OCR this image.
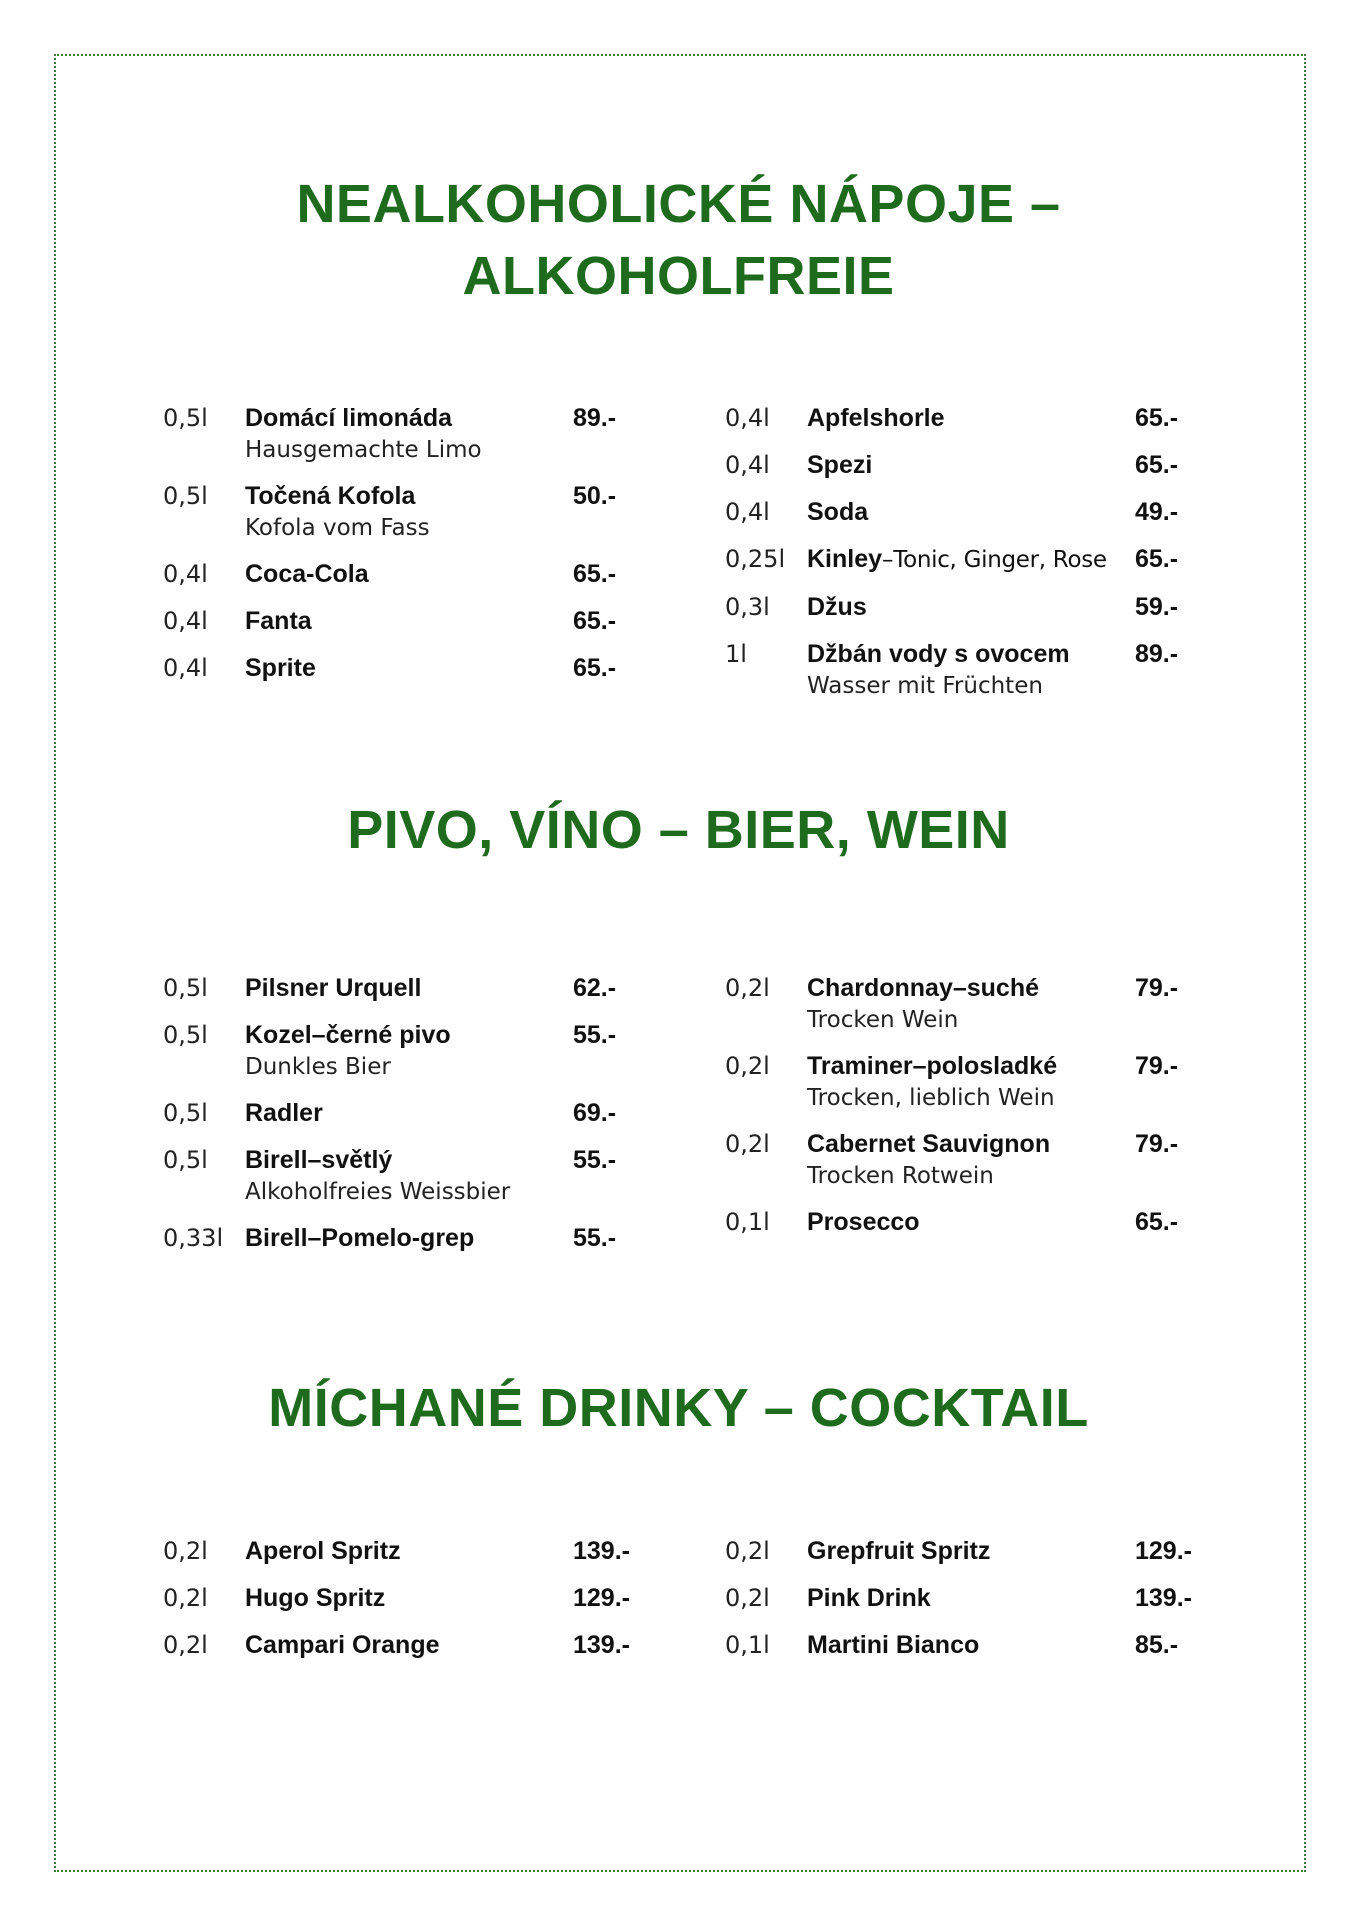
NEALKOHOLICKÉ NÁPOJE –
ALKOHOLFREIE
0,5l	Domácí limonáda
Hausgemachte Limo
89.-
0,5l	Točená Kofola
Kofola vom Fass
50.-
0,4l	Coca-Cola	65.-
0,4l	Fanta	65.-
0,4l	Sprite	65.-
0,4l	Apfelshorle	65.-
0,4l	Spezi	65.-
0,4l	Soda	49.-
0,25l Kinley–Tonic, Ginger, Rose	65.-
0,3l	Džus	59.-
1l	Džbán vody s ovocem
Wasser mit Früchten
89.-
PIVO, VÍNO – BIER, WEIN
0,5l	Pilsner Urquell	62.-
0,5l	Kozel–černé pivo
Dunkles Bier
55.-
0,5l	Radler	69.-
0,5l	Birell–světlý
Alkoholfreies Weissbier
55.-
0,33l Birell–Pomelo-grep	55.-
0,2l	Chardonnay–suché
Trocken Wein
79.-
0,2l	Traminer–polosladké
Trocken, lieblich Wein
79.-
0,2l	Cabernet Sauvignon
Trocken Rotwein
79.-
0,1l	Prosecco	65.-
MÍCHANÉ DRINKY – COCKTAIL
0,2l	Aperol Spritz	139.-
0,2l	Hugo Spritz	129.-
0,2l	Campari Orange	139.-
0,2l	Grepfruit Spritz	129.-
0,2l	Pink Drink	139.-
0,1l	Martini Bianco	85.-
